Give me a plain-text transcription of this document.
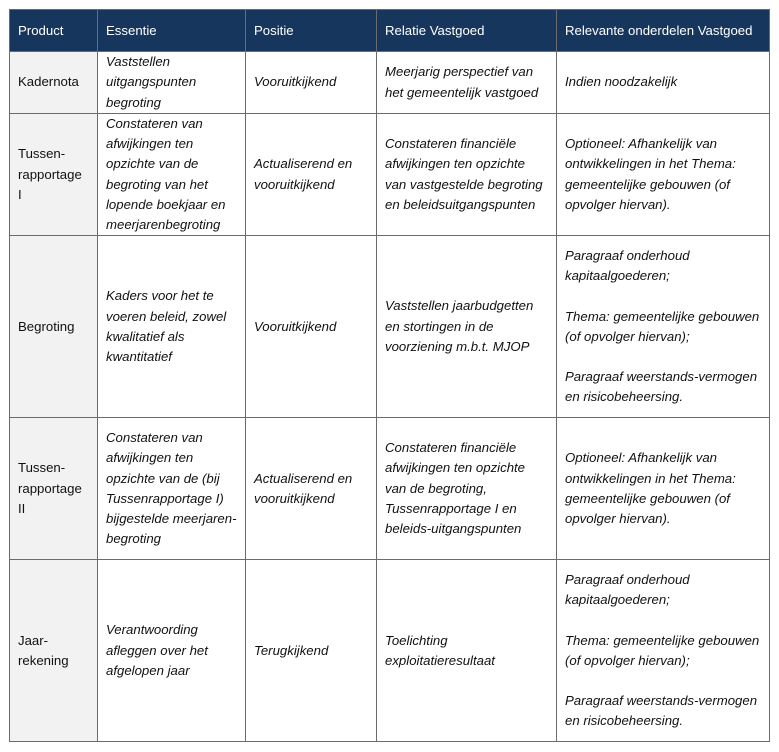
Product	Essentie	Positie	Relatie Vastgoed	Relevante onderdelen Vastgoed
Kadernota	Vaststellen uitgangspunten begroting	Vooruitkijkend	Meerjarig perspectief van het gemeentelijk vastgoed	Indien noodzakelijk

Tussen-rapportage I	Constateren van afwijkingen ten opzichte van de begroting van het lopende boekjaar en meerjarenbegroting	Actualiserend en vooruitkijkend	Constateren financiële afwijkingen ten opzichte van vastgestelde begroting en beleidsuitgangspunten	Optioneel: Afhankelijk van ontwikkelingen in het Thema: gemeentelijke gebouwen (of opvolger hiervan).

Begroting	Kaders voor het te voeren beleid, zowel kwalitatief als kwantitatief	Vooruitkijkend	Vaststellen jaarbudgetten en stortingen in de voorziening m.b.t. MJOP	Paragraaf onderhoud kapitaalgoederen;
Thema: gemeentelijke gebouwen (of opvolger hiervan);
Paragraaf weerstands-vermogen en risicobeheersing.

Tussen-rapportage II	Constateren van afwijkingen ten opzichte van de (bij Tussenrapportage I) bijgestelde meerjaren-begroting	Actualiserend en vooruitkijkend	Constateren financiële afwijkingen ten opzichte van de begroting, Tussenrapportage I en beleids-uitgangspunten	Optioneel: Afhankelijk van ontwikkelingen in het Thema: gemeentelijke gebouwen (of opvolger hiervan).

Jaar-rekening	Verantwoording afleggen over het afgelopen jaar	Terugkijkend	Toelichting exploitatieresultaat	Paragraaf onderhoud kapitaalgoederen;
Thema: gemeentelijke gebouwen (of opvolger hiervan);
Paragraaf weerstands-vermogen en risicobeheersing.
